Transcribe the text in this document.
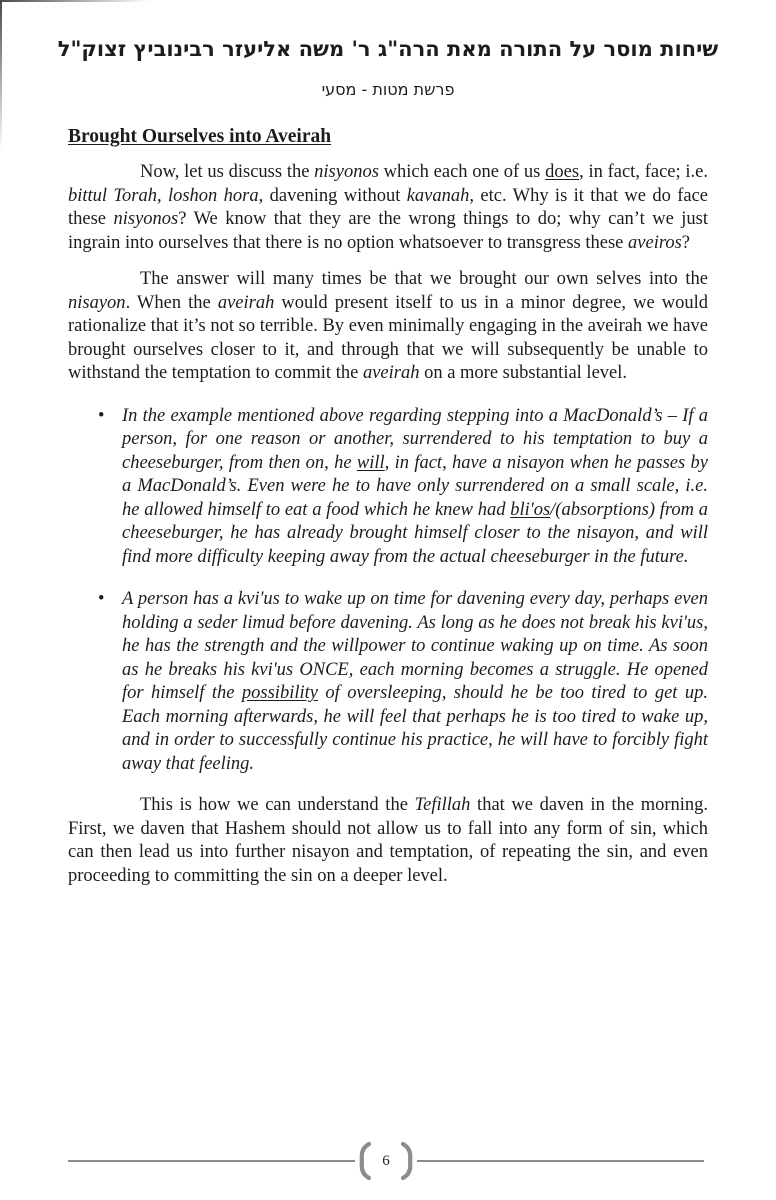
שיחות מוסר על התורה מאת הרה"ג ר' משה אליעזר רבינוביץ זצוק"ל
פרשת מטות - מסעי
Brought Ourselves into Aveirah

Now, let us discuss the nisyonos which each one of us does, in fact, face; i.e. bittul Torah, loshon hora, davening without kavanah, etc. Why is it that we do face these nisyonos? We know that they are the wrong things to do; why can’t we just ingrain into ourselves that there is no option whatsoever to transgress these aveiros?

The answer will many times be that we brought our own selves into the nisayon. When the aveirah would present itself to us in a minor degree, we would rationalize that it’s not so terrible. By even minimally engaging in the aveirah we have brought ourselves closer to it, and through that we will subsequently be unable to withstand the temptation to commit the aveirah on a more substantial level.

• In the example mentioned above regarding stepping into a MacDonald’s – If a person, for one reason or another, surrendered to his temptation to buy a cheeseburger, from then on, he will, in fact, have a nisayon when he passes by a MacDonald’s. Even were he to have only surrendered on a small scale, i.e. he allowed himself to eat a food which he knew had bli'os/(absorptions) from a cheeseburger, he has already brought himself closer to the nisayon, and will find more difficulty keeping away from the actual cheeseburger in the future.
• A person has a kvi'us to wake up on time for davening every day, perhaps even holding a seder limud before davening. As long as he does not break his kvi'us, he has the strength and the willpower to continue waking up on time. As soon as he breaks his kvi'us ONCE, each morning becomes a struggle. He opened for himself the possibility of oversleeping, should he be too tired to get up. Each morning afterwards, he will feel that perhaps he is too tired to wake up, and in order to successfully continue his practice, he will have to forcibly fight away that feeling.

This is how we can understand the Tefillah that we daven in the morning. First, we daven that Hashem should not allow us to fall into any form of sin, which can then lead us into further nisayon and temptation, of repeating the sin, and even proceeding to committing the sin on a deeper level.

6
